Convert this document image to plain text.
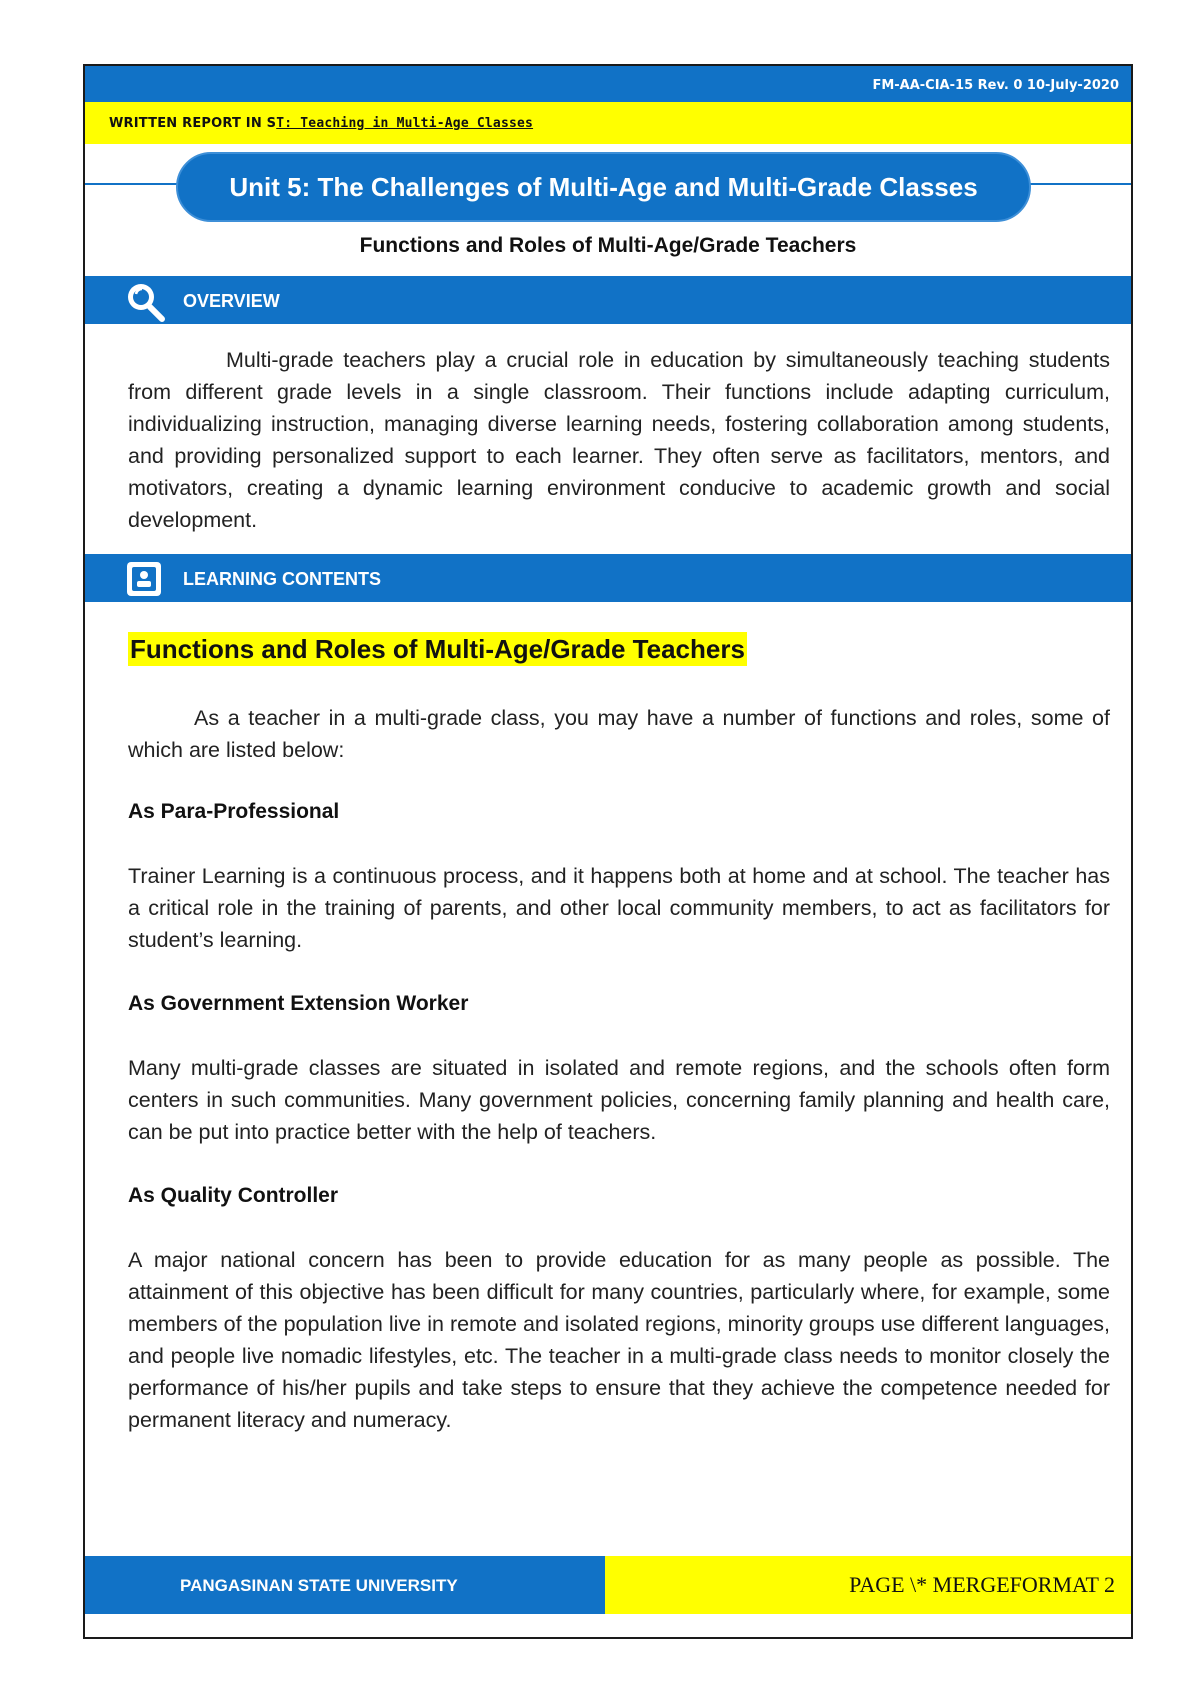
FM-AA-CIA-15 Rev. 0 10-July-2020
WRITTEN REPORT IN ST: Teaching in Multi-Age Classes
Unit 5: The Challenges of Multi-Age and Multi-Grade Classes
Functions and Roles of Multi-Age/Grade Teachers
OVERVIEW
Multi-grade teachers play a crucial role in education by simultaneously teaching students from different grade levels in a single classroom. Their functions include adapting curriculum, individualizing instruction, managing diverse learning needs, fostering collaboration among students, and providing personalized support to each learner. They often serve as facilitators, mentors, and motivators, creating a dynamic learning environment conducive to academic growth and social development.
LEARNING CONTENTS
Functions and Roles of Multi-Age/Grade Teachers
As a teacher in a multi-grade class, you may have a number of functions and roles, some of which are listed below:
As Para-Professional
Trainer Learning is a continuous process, and it happens both at home and at school. The teacher has a critical role in the training of parents, and other local community members, to act as facilitators for student’s learning.
As Government Extension Worker
Many multi-grade classes are situated in isolated and remote regions, and the schools often form centers in such communities. Many government policies, concerning family planning and health care, can be put into practice better with the help of teachers.
As Quality Controller
A major national concern has been to provide education for as many people as possible. The attainment of this objective has been difficult for many countries, particularly where, for example, some members of the population live in remote and isolated regions, minority groups use different languages, and people live nomadic lifestyles, etc. The teacher in a multi-grade class needs to monitor closely the performance of his/her pupils and take steps to ensure that they achieve the competence needed for permanent literacy and numeracy.
PANGASINAN STATE UNIVERSITY	PAGE \* MERGEFORMAT 2
